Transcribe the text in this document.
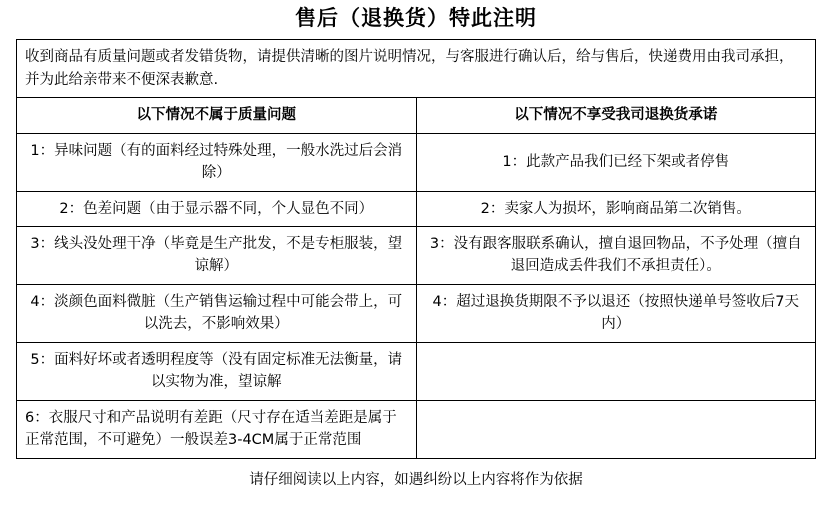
售后（退换货）特此注明
收到商品有质量问题或者发错货物，请提供清晰的图片说明情况，与客服进行确认后，给与售后，快递费用由我司承担，并为此给亲带来不便深表歉意.	
以下情况不属于质量问题	以下情况不享受我司退换货承诺
1：异味问题（有的面料经过特殊处理，一般水洗过后会消除）	1：此款产品我们已经下架或者停售
2：色差问题（由于显示器不同，个人显色不同）	2：卖家人为损坏，影响商品第二次销售。
3：线头没处理干净（毕竟是生产批发，不是专柜服装，望谅解）	3：没有跟客服联系确认，擅自退回物品，不予处理（擅自退回造成丢件我们不承担责任）。
4：淡颜色面料微脏（生产销售运输过程中可能会带上，可以洗去，不影响效果）	4：超过退换货期限不予以退还（按照快递单号签收后7天内）
5：面料好坏或者透明程度等（没有固定标准无法衡量，请以实物为准，望谅解	
6：衣服尺寸和产品说明有差距（尺寸存在适当差距是属于正常范围，不可避免）一般误差3-4CM属于正常范围	
请仔细阅读以上内容，如遇纠纷以上内容将作为依据
